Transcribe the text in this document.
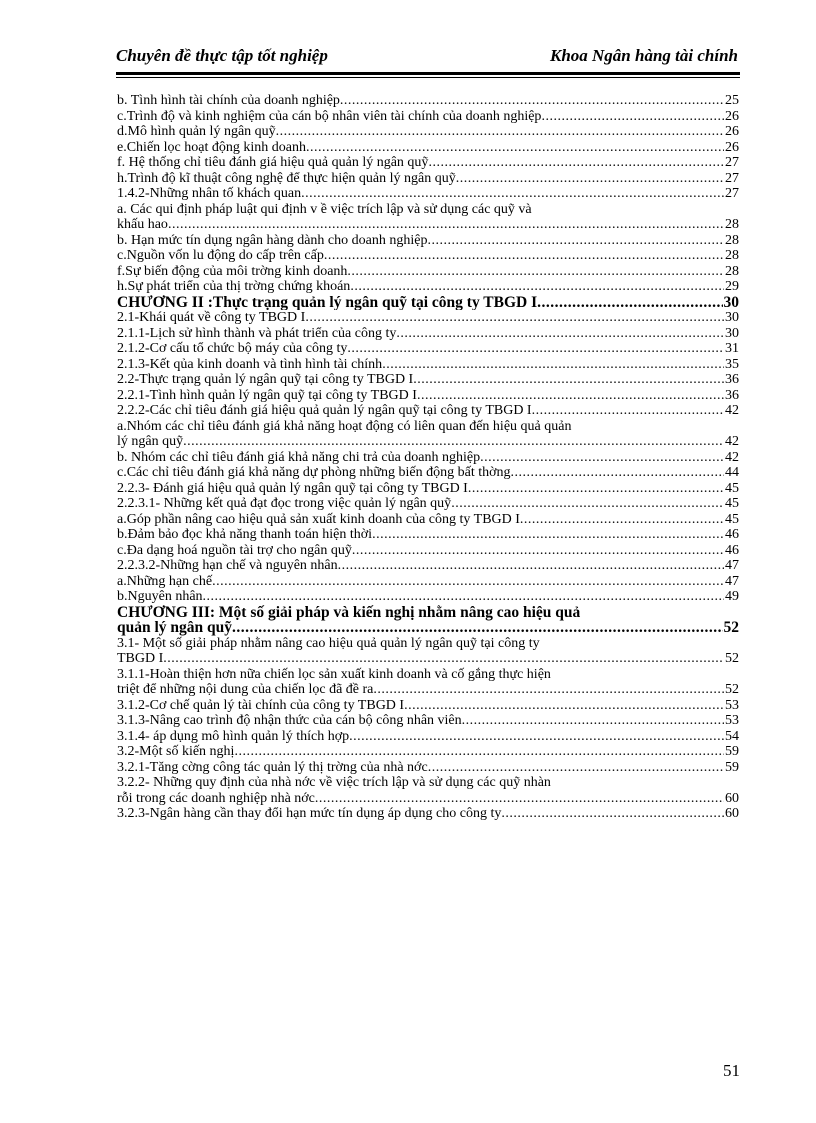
Chuyên đề thực tập tốt nghiệp	Khoa Ngân hàng tài chính
b. Tình hình tài chính của doanh nghiệp .....	25
c.Trình độ và kinh nghiệm của cán bộ nhân viên tài chính của doanh nghiệp .....	26
d.Mô hình quản lý ngân quỹ .....	26
e.Chiến lọc hoạt động kinh doanh .....	26
f. Hệ thống chỉ tiêu đánh giá hiệu quả quản lý ngân quỹ .....	27
h.Trình độ kĩ thuật công nghệ để thực hiện quản lý ngân quỹ .....	27
1.4.2-Những nhân tố khách quan .....	27
a. Các qui định pháp luật qui định v ề việc trích lập và sử dụng các quỹ và
khấu hao .....	28
b. Hạn mức tín dụng ngân hàng dành cho doanh nghiệp .....	28
c.Nguồn vốn lu động do cấp trên cấp .....	28
f.Sự biến động của môi trờng kinh doanh .....	28
h.Sự phát triển của thị trờng chứng khoán .....	29
CHƯƠNG II :Thực trạng quản lý ngân quỹ tại công ty TBGD I .....	30
2.1-Khái quát về công ty TBGD I .....	30
2.1.1-Lịch sử hình thành và phát triển của công ty .....	30
2.1.2-Cơ cấu tổ chức bộ máy của công ty .....	31
2.1.3-Kết qủa kinh doanh và tình hình tài chính .....	35
2.2-Thực trạng quản lý ngân quỹ tại công ty TBGD I .....	36
2.2.1-Tình hình quản lý ngân quỹ tại công ty TBGD I .....	36
2.2.2-Các chỉ tiêu đánh giá hiệu quả quản lý ngân quỹ tại công ty TBGD I .....	42
a.Nhóm các chỉ tiêu đánh giá khả năng hoạt động có liên quan đến hiệu quả quản
lý ngân quỹ .....	42
b. Nhóm các chỉ tiêu đánh giá khả năng chi trả của doanh nghiệp .....	42
c.Các chỉ tiêu đánh giá khả năng dự phòng những biến động bất thờng .....	44
2.2.3- Đánh giá hiệu quả quản lý ngân quỹ tại công ty TBGD I .....	45
2.2.3.1- Những kết quả đạt đọc trong việc quản lý ngân quỹ .....	45
a.Góp phần nâng cao hiệu quả sản xuất kinh doanh của công ty TBGD I .....	45
b.Đảm bảo đọc khả năng thanh toán hiện thời .....	46
c.Đa dạng hoá nguồn tài trợ cho ngân quỹ .....	46
2.2.3.2-Những hạn chế và nguyên nhân .....	47
a.Những hạn chế .....	47
b.Nguyên nhân .....	49
CHƯƠNG III: Một số giải pháp và kiến nghị nhằm nâng cao hiệu quả
quản lý ngân quỹ .....	52
3.1- Một số giải pháp nhằm nâng cao hiệu quả quản lý ngân quỹ tại công ty
TBGD I .....	52
3.1.1-Hoàn thiện hơn nữa chiến lọc sản xuất kinh doanh và cố gắng thực hiện
triệt để những nội dung của chiến lọc đã đề ra .....	52
3.1.2-Cơ chế quản lý tài chính của công ty TBGD I .....	53
3.1.3-Nâng cao trình độ nhận thức của cán bộ công nhân viên .....	53
3.1.4- áp dụng mô hình quản lý thích hợp .....	54
3.2-Một số kiến nghị .....	59
3.2.1-Tăng cờng công tác quản lý thị trờng của nhà nớc .....	59
3.2.2- Những quy định của nhà nớc về việc trích lập và sử dụng các quỹ nhàn
rỗi trong các doanh nghiệp nhà nớc .....	60
3.2.3-Ngân hàng cần thay đổi hạn mức tín dụng áp dụng cho công ty .....	60
51
